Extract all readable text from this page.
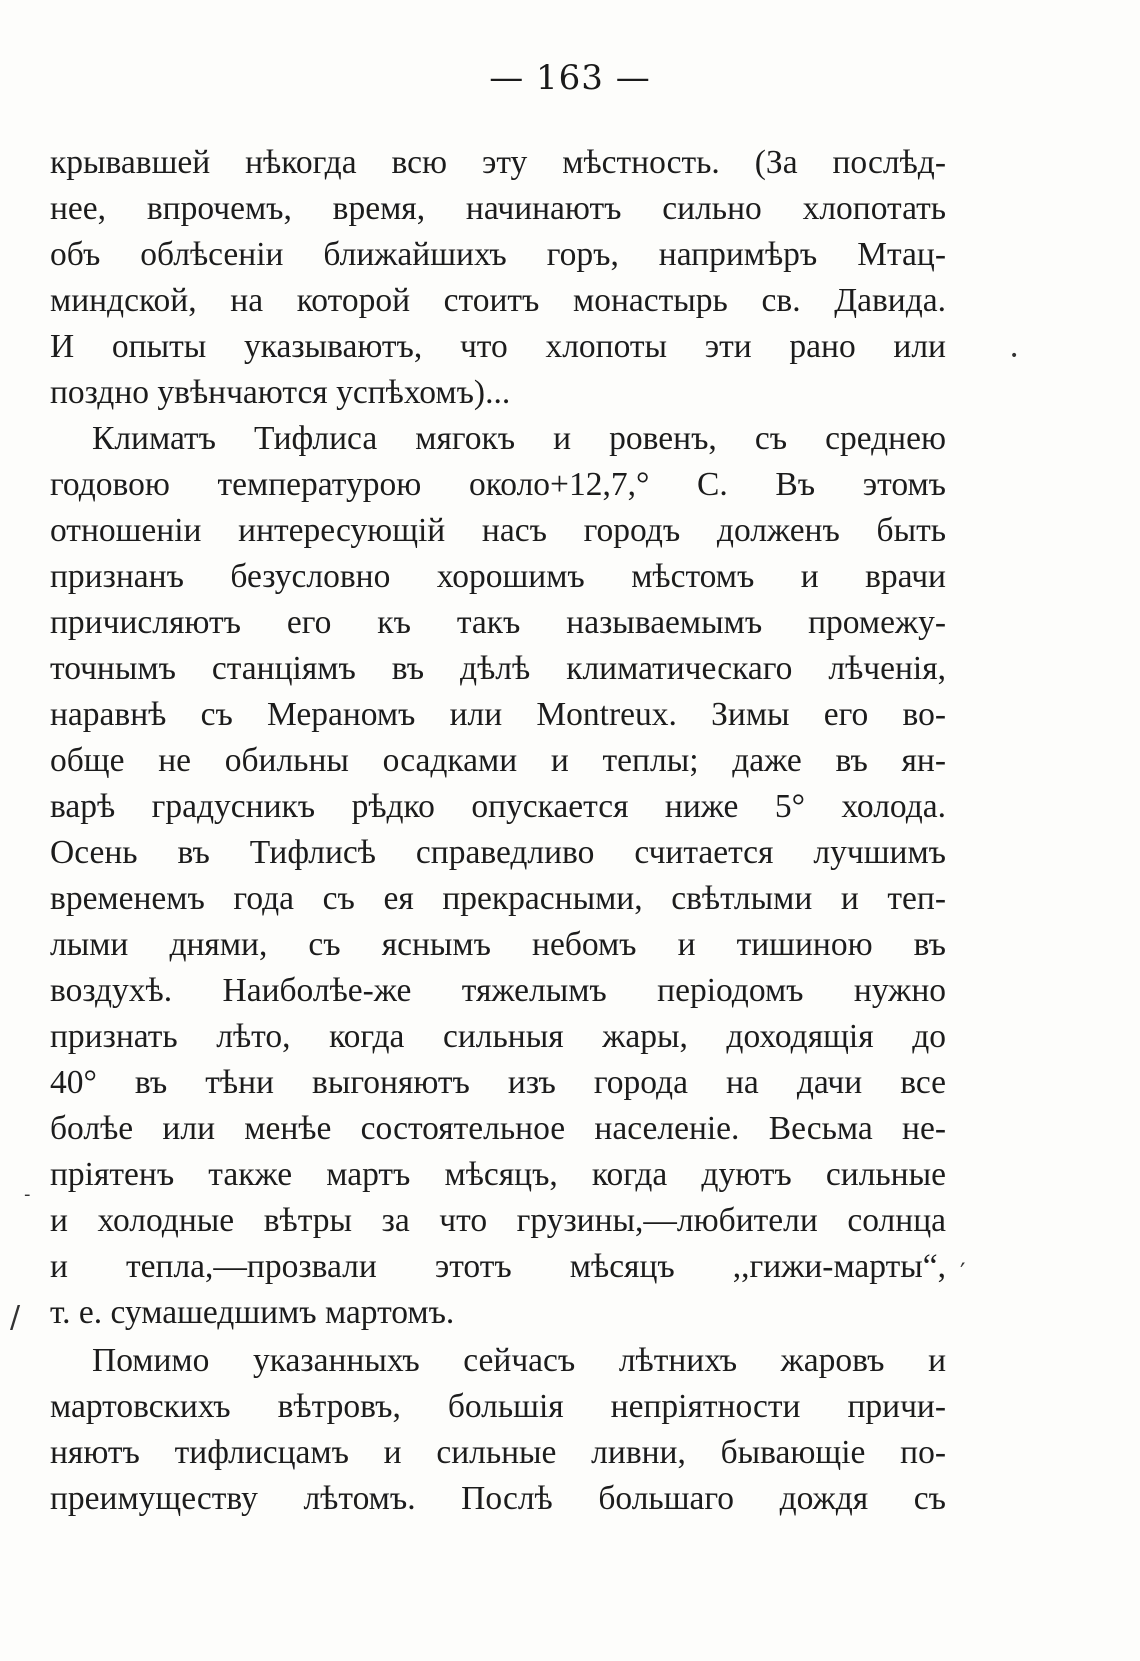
— 163 —
крывавшей нѣкогда всю эту мѣстность. (За послѣд-
нее, впрочемъ, время, начинаютъ сильно хлопотать
объ облѣсенiи ближайшихъ горъ, напримѣръ Мтац-
миндской, на которой стоитъ монастырь св. Давида.
И опыты указываютъ, что хлопоты эти рано или
поздно увѣнчаются успѣхомъ)...
Климатъ Тифлиса мягокъ и ровенъ, съ среднею
годовою температурою около+12,7,° С. Въ этомъ
отношенiи интересующiй насъ городъ долженъ быть
признанъ безусловно хорошимъ мѣстомъ и врачи
причисляютъ его къ такъ называемымъ промежу-
точнымъ станцiямъ въ дѣлѣ климатическаго лѣченiя,
наравнѣ съ Мераномъ или Montreux. Зимы его во-
обще не обильны осадками и теплы; даже въ ян-
варѣ градусникъ рѣдко опускается ниже 5° холода.
Осень въ Тифлисѣ справедливо считается лучшимъ
временемъ года съ ея прекрасными, свѣтлыми и теп-
лыми днями, съ яснымъ небомъ и тишиною въ
воздухѣ. Наиболѣе-же тяжелымъ перiодомъ нужно
признать лѣто, когда сильныя жары, доходящiя до
40° въ тѣни выгоняютъ изъ города на дачи все
болѣе или менѣе состоятельное населенiе. Весьма не-
прiятенъ также мартъ мѣсяцъ, когда дуютъ сильные
и холодные вѣтры за что грузины,—любители солнца
и тепла,—прозвали этотъ мѣсяцъ ,,гижи-марты“,
т. е. сумашедшимъ мартомъ.
Помимо указанныхъ сейчасъ лѣтнихъ жаровъ и
мартовскихъ вѣтровъ, большiя непрiятности причи-
няютъ тифлисцамъ и сильные ливни, бывающiе по-
преимуществу лѣтомъ. Послѣ большаго дождя съ
•
-
/
′
